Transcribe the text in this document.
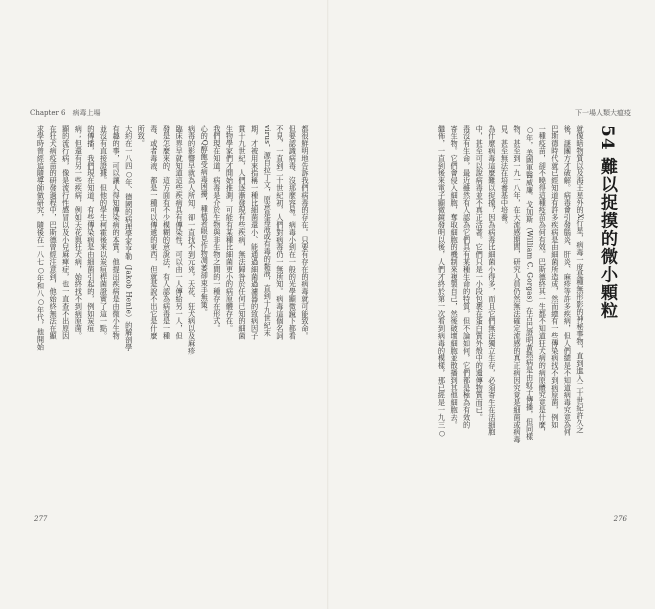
Chapter 6　病毒上場
都很鮮明地告訴我們病毒的存在。只要有存在的病毒就可能致命。
但要認識病毒、沒那麼容易。病毒小到在一般的光學顯微鏡下都看
不見，一直到二十世紀初，人們對病毒仍一無所知。病毒這個名詞
virus，源自拉丁文，原意是毒液或有毒的黏液，直到十九世紀末
期，才被用來指稱一種比細菌還小、能通過細菌過濾器的致病因子
貫十九世紀，人們逐漸發現有些疾病，無法歸咎於任何已知的細菌
生物學家們才開始推測，可能有某種比細菌更小的病原體存在。
我們現在知道，病毒是介於生物與非生物之間的一種存在形式。
心的Q醇飽受病毒困擾，種植者眼見作物凋萎卻束手無策。
病毒的影響早就為人所知，卻一直找不到元兇，天花、狂犬病以及麻疹
臨床界早就知道這些疾病具有傳染性，可以由一人傳給另一人，但
發是怎麼來的、這方面有不少模糊的意說法，有人認為病毒是一種
毒、或者毒液、都是一種可以傳遞的東西，但就是說不出它是什麼
所致。
大約在一八四○年、德國的病理學家亨勒（Jakob Henle）的解剖學
有趣的事，可以讓人得知傳染病的本質。他提出疾病是由微小生物
並沒有直接證據。但他的學生柯霍後來以炭疽桿菌證實了這一點。
的傳播，我們現在知道，有些傳染病是由細菌引起的，例如炭疽
病；但還有另一些疾病，例如天花與狂犬病，始終找不到病原菌。
顯的流行病，像是流行性感冒以及小兒麻痺症，也一直查不出原因
在狂犬病疫苗的研發過程中，巴斯德曾經注意到，他始終無法在顯
求學時曾經追隨導師做研究，隨後在一八七○年和八○年代，他開始
277
下一場人類大瘟疫
54 難以捉摸的微小顆粒
就像暗物質以及海王星外的X行星，病毒一度是種無形影的神秘事物，直到進入二十世紀許久之
後，謎團方才破解。病毒會引發腦炎、肝炎、麻疹等許多疾病，但人們總是不知道病毒究竟為何
巴斯德時代就已經知道有許多疾病是由細菌所造成，然而總有一些傳染病找不到病原菌，例如
一種疫苗，卻不曉得這種疫苗為何有效。巴斯德終其一生都不知道狂犬病的病原體究竟是什麼，
○年，美國軍醫威廉．戈加斯（William C. Gorgas）在古巴證明黃熱病是由蚊子傳播，但同樣
物，甚至到一九一八年，在大流感期間，研究人員仍然無法確定流感的真正病因究竟是細菌或病毒
見、甚至無法在培養基中培養。
為什麼病毒這麼難以捉摸？因為病毒比細菌小得多，而且它們無法獨立生存，必須寄生在活細胞
中，甚至可以說病毒並不真正活著。它們只是一小段包裹在蛋白質外殼中的遺傳物質而已。
毒沒有生命，最近雖然有人認為它們具有某種生命的特質，但不論如何，它們都是極為有效的
寄生物。它們會侵入細胞，奪取細胞的機制來複製自己，然後破壞細胞並散播到其他細胞去。
繼佈，一直到後來電子顯微鏡發明以後，人們才終於第一次看到病毒的模樣，那已經是一九三○
276
